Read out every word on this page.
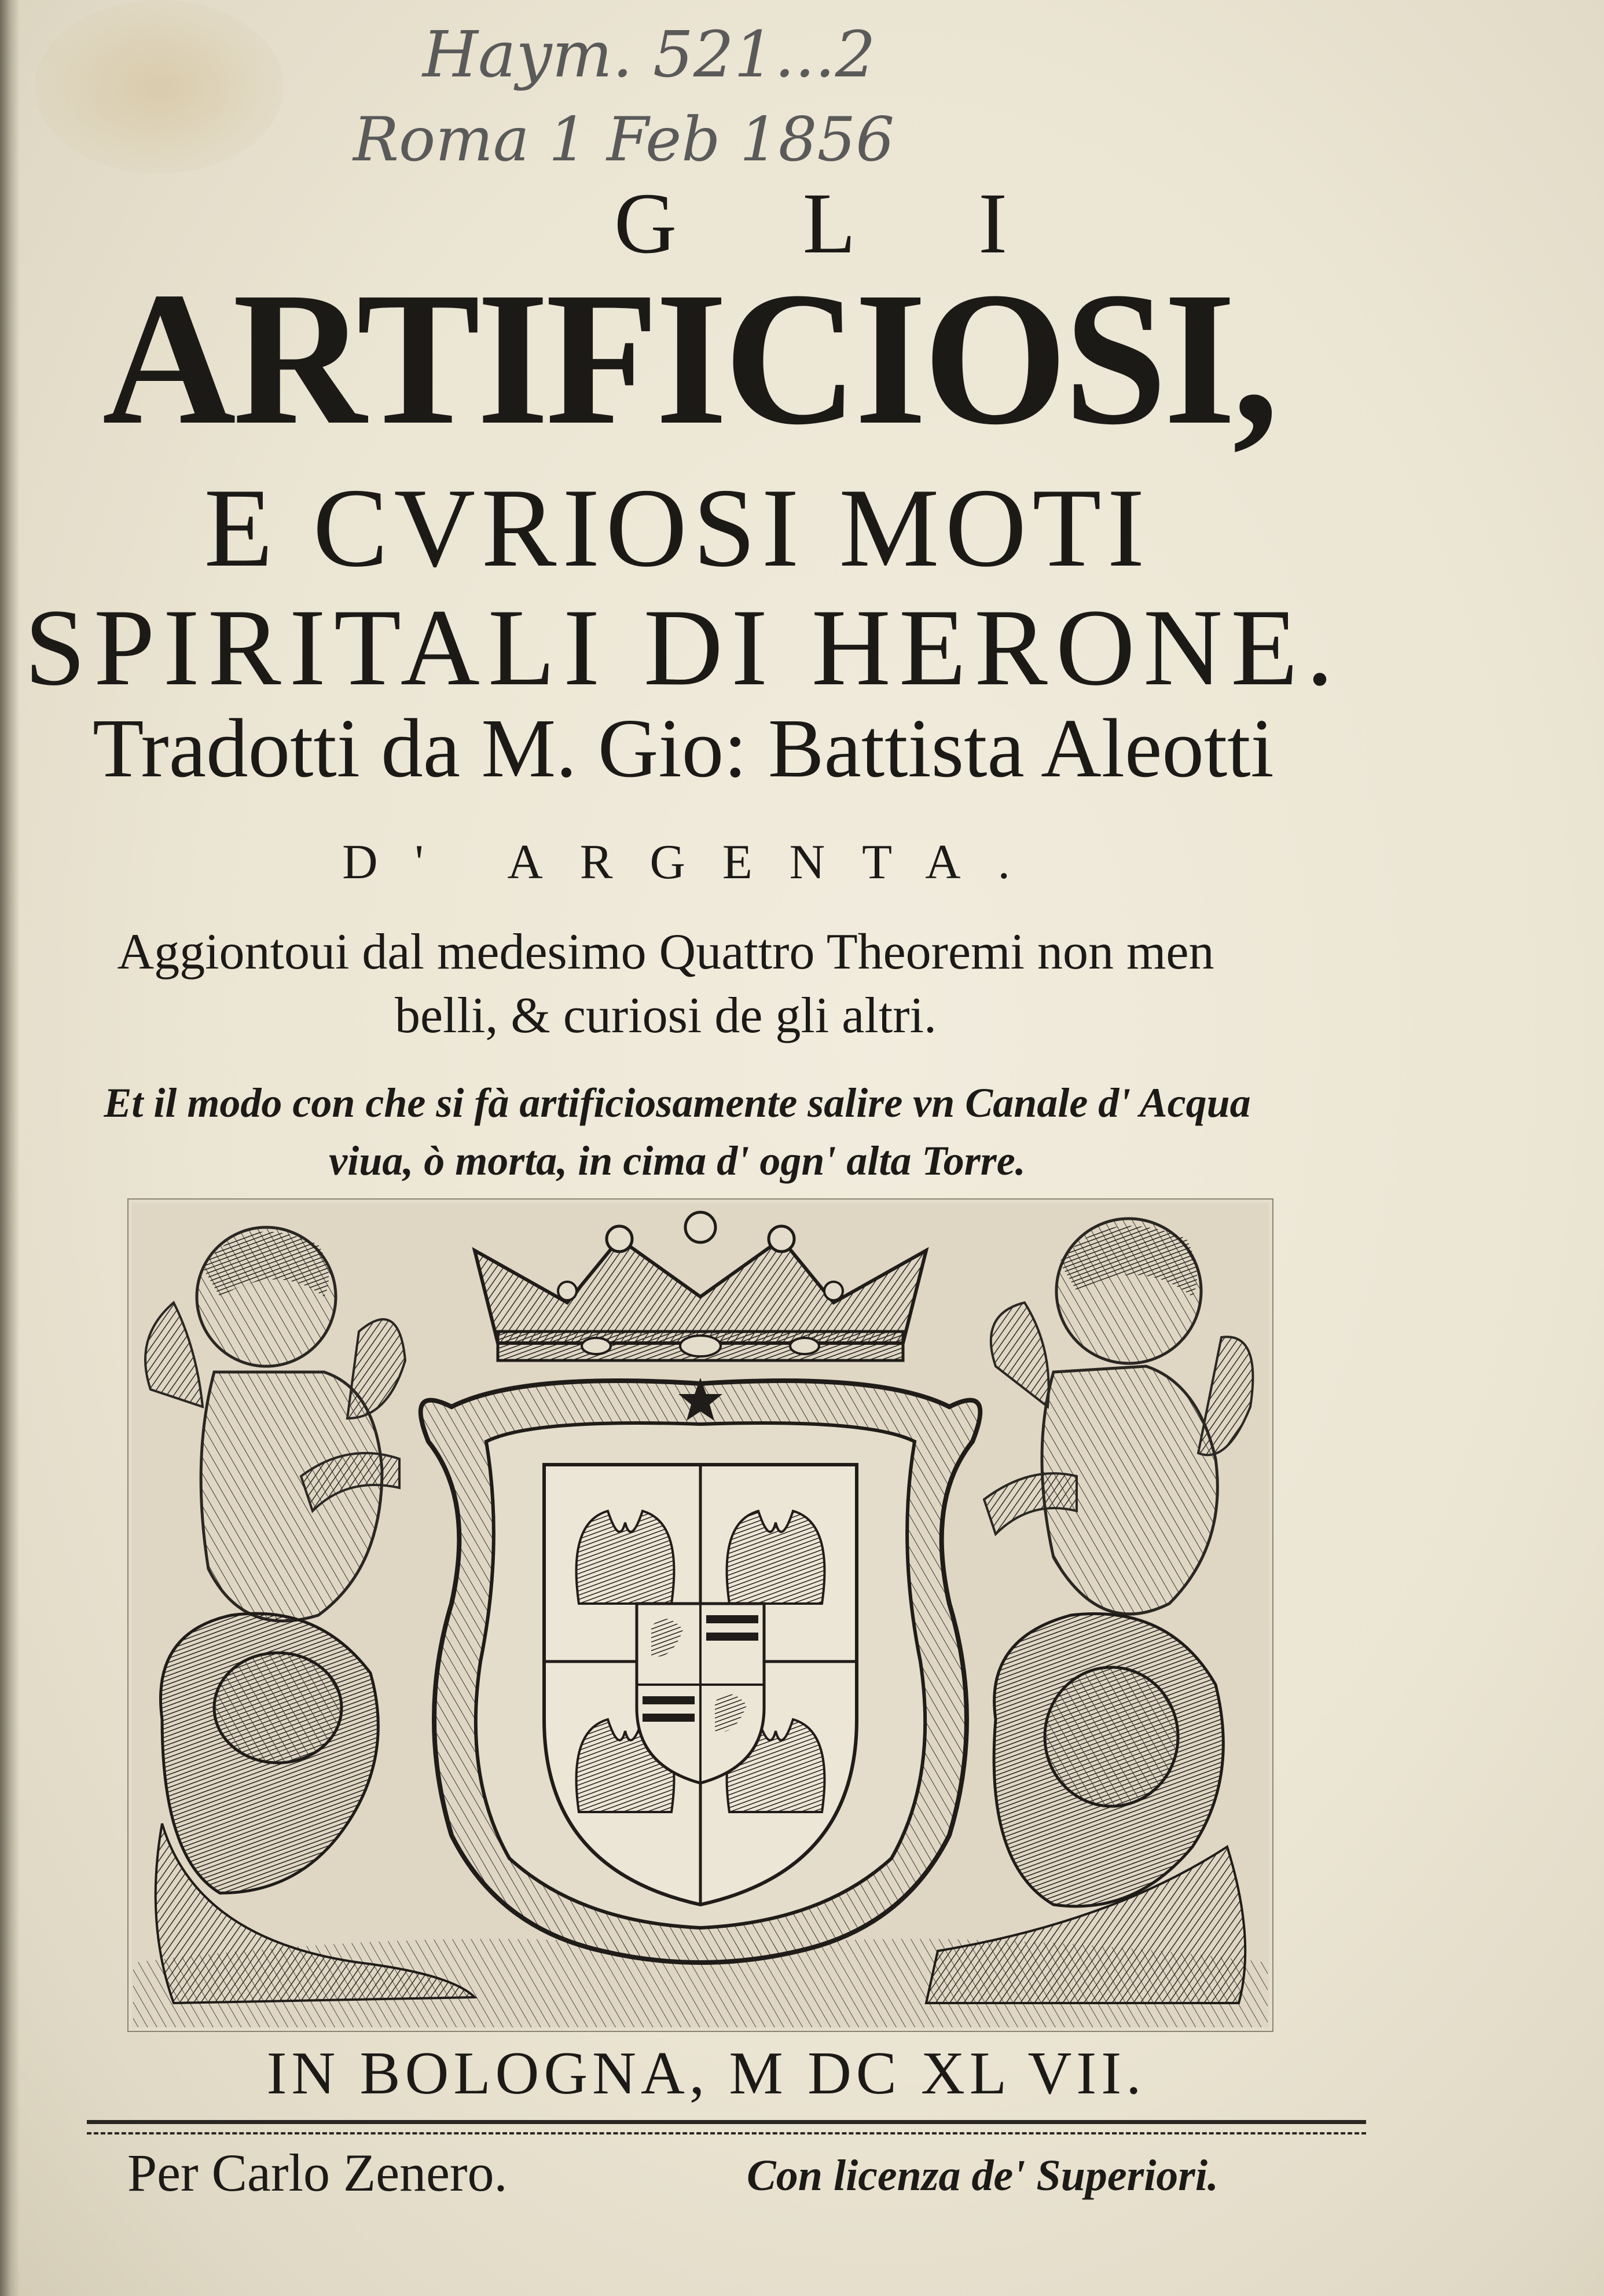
Haym. 521...2
Roma 1 Feb 1856
G L I
ARTIFICIOSI,
E CVRIOSI MOTI
SPIRITALI DI HERONE.
Tradotti da M. Gio: Battista Aleotti
D' ARGENTA.
Aggiontoui dal medesimo Quattro Theoremi non men
belli, & curiosi de gli altri.
Et il modo con che si fà artificiosamente salire vn Canale d' Acqua
viua, ò morta, in cima d' ogn' alta Torre.
IN BOLOGNA, M DC XL VII.
Per Carlo Zenero.	Con licenza de' Superiori.
